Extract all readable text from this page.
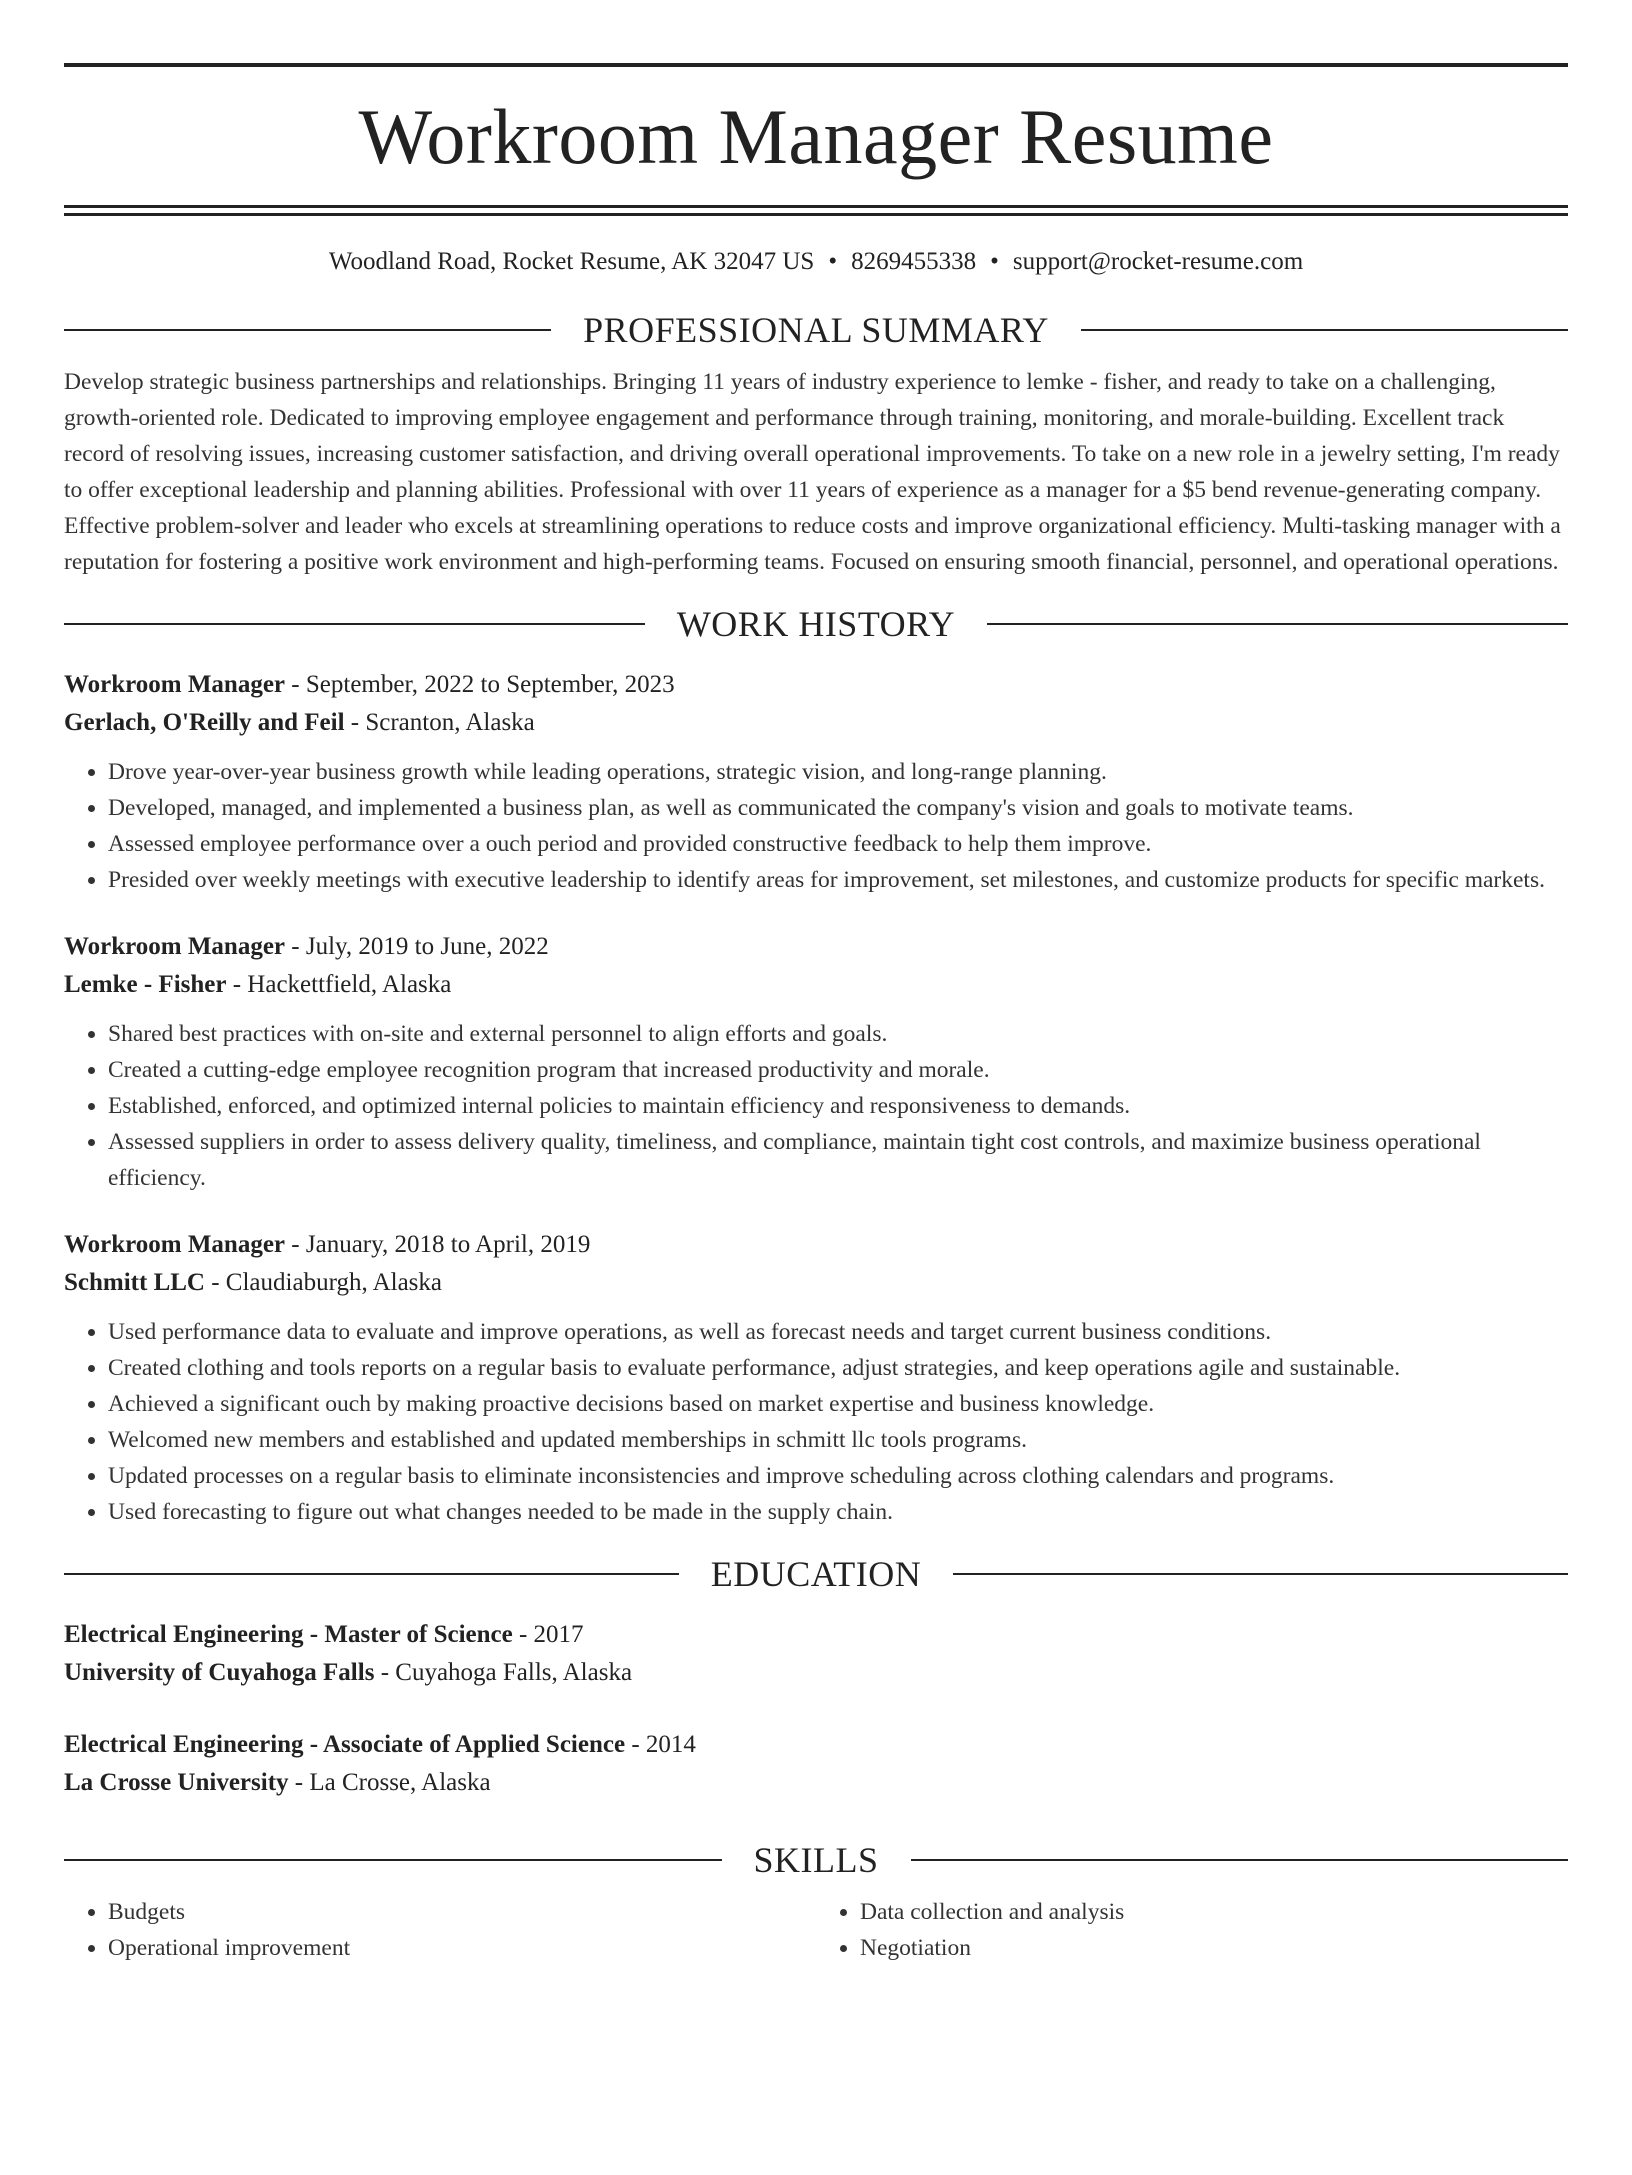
Workroom Manager Resume
Woodland Road, Rocket Resume, AK 32047 US • 8269455338 • support@rocket-resume.com
PROFESSIONAL SUMMARY

Develop strategic business partnerships and relationships. Bringing 11 years of industry experience to lemke - fisher, and ready to take on a challenging, growth-oriented role. Dedicated to improving employee engagement and performance through training, monitoring, and morale-building. Excellent track record of resolving issues, increasing customer satisfaction, and driving overall operational improvements. To take on a new role in a jewelry setting, I'm ready to offer exceptional leadership and planning abilities. Professional with over 11 years of experience as a manager for a $5 bend revenue-generating company. Effective problem-solver and leader who excels at streamlining operations to reduce costs and improve organizational efficiency. Multi-tasking manager with a reputation for fostering a positive work environment and high-performing teams. Focused on ensuring smooth financial, personnel, and operational operations.

WORK HISTORY
Workroom Manager - September, 2022 to September, 2023
Gerlach, O'Reilly and Feil - Scranton, Alaska
• Drove year-over-year business growth while leading operations, strategic vision, and long-range planning.
• Developed, managed, and implemented a business plan, as well as communicated the company's vision and goals to motivate teams.
• Assessed employee performance over a ouch period and provided constructive feedback to help them improve.
• Presided over weekly meetings with executive leadership to identify areas for improvement, set milestones, and customize products for specific markets.
Workroom Manager - July, 2019 to June, 2022
Lemke - Fisher - Hackettfield, Alaska
• Shared best practices with on-site and external personnel to align efforts and goals.
• Created a cutting-edge employee recognition program that increased productivity and morale.
• Established, enforced, and optimized internal policies to maintain efficiency and responsiveness to demands.
• Assessed suppliers in order to assess delivery quality, timeliness, and compliance, maintain tight cost controls, and maximize business operational efficiency.
Workroom Manager - January, 2018 to April, 2019
Schmitt LLC - Claudiaburgh, Alaska
• Used performance data to evaluate and improve operations, as well as forecast needs and target current business conditions.
• Created clothing and tools reports on a regular basis to evaluate performance, adjust strategies, and keep operations agile and sustainable.
• Achieved a significant ouch by making proactive decisions based on market expertise and business knowledge.
• Welcomed new members and established and updated memberships in schmitt llc tools programs.
• Updated processes on a regular basis to eliminate inconsistencies and improve scheduling across clothing calendars and programs.
• Used forecasting to figure out what changes needed to be made in the supply chain.
EDUCATION
Electrical Engineering - Master of Science - 2017
University of Cuyahoga Falls - Cuyahoga Falls, Alaska
Electrical Engineering - Associate of Applied Science - 2014
La Crosse University - La Crosse, Alaska
SKILLS
• Budgets
• Operational improvement
• Data collection and analysis
• Negotiation
